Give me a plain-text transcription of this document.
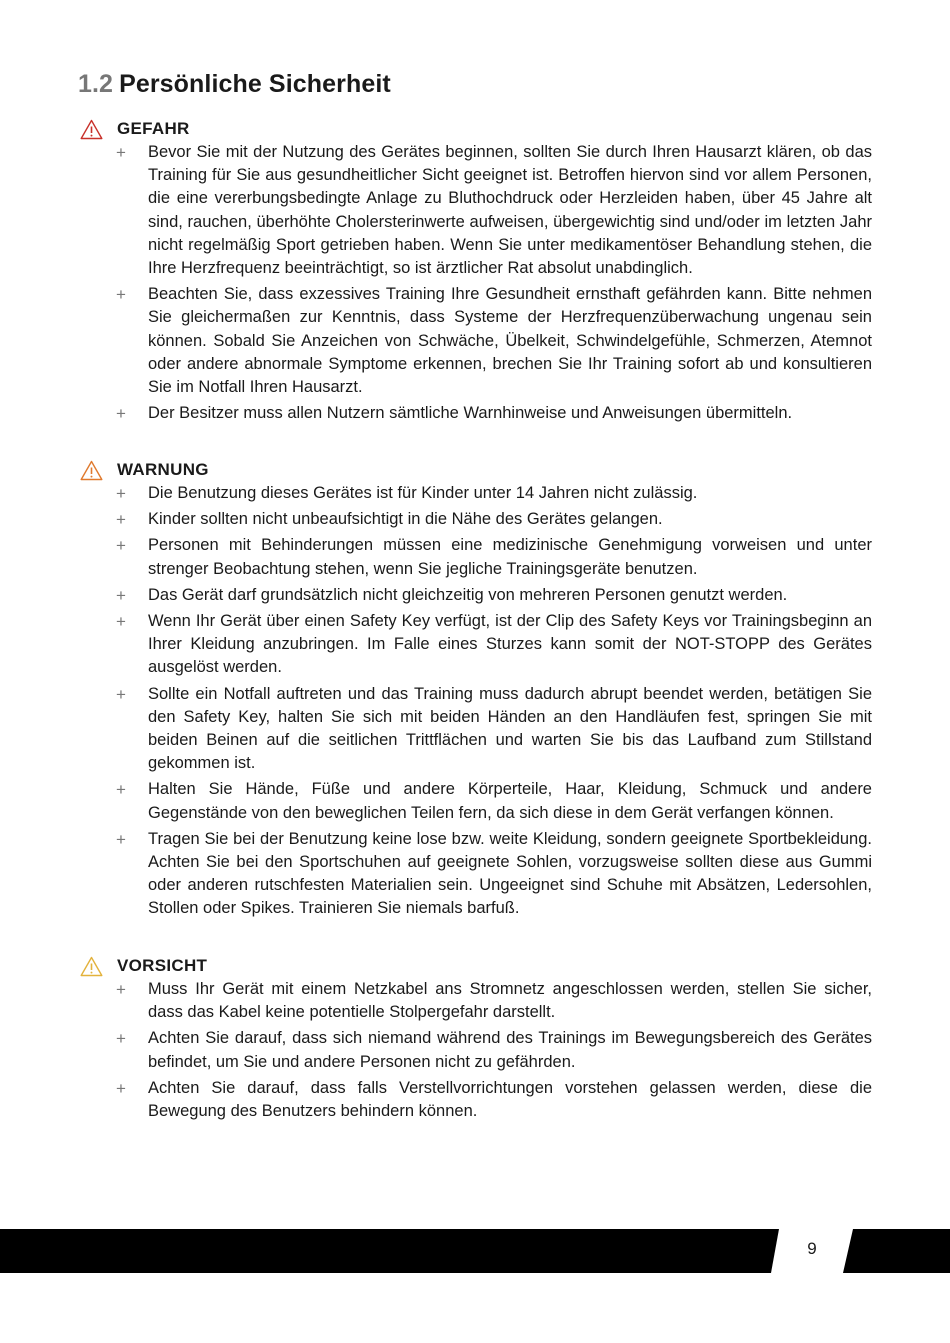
1.2 Persönliche Sicherheit
GEFAHR
+ Bevor Sie mit der Nutzung des Gerätes beginnen, sollten Sie durch Ihren Hausarzt klären, ob das Training für Sie aus gesundheitlicher Sicht geeignet ist. Betroffen hiervon sind vor allem Personen, die eine vererbungsbedingte Anlage zu Bluthochdruck oder Herzleiden haben, über 45 Jahre alt sind, rauchen, überhöhte Cholersterinwerte aufweisen, übergewichtig sind und/oder im letzten Jahr nicht regelmäßig Sport getrieben haben. Wenn Sie unter medikamentöser Behandlung stehen, die Ihre Herzfrequenz beeinträchtigt, so ist ärztlicher Rat absolut unabdinglich.
+ Beachten Sie, dass exzessives Training Ihre Gesundheit ernsthaft gefährden kann. Bitte nehmen Sie gleichermaßen zur Kenntnis, dass Systeme der Herzfrequenzüberwachung ungenau sein können. Sobald Sie Anzeichen von Schwäche, Übelkeit, Schwindelgefühle, Schmerzen, Atemnot oder andere abnormale Symptome erkennen, brechen Sie Ihr Training sofort ab und konsultieren Sie im Notfall Ihren Hausarzt.
+ Der Besitzer muss allen Nutzern sämtliche Warnhinweise und Anweisungen übermitteln.
WARNUNG
+ Die Benutzung dieses Gerätes ist für Kinder unter 14 Jahren nicht zulässig.
+ Kinder sollten nicht unbeaufsichtigt in die Nähe des Gerätes gelangen.
+ Personen mit Behinderungen müssen eine medizinische Genehmigung vorweisen und unter strenger Beobachtung stehen, wenn Sie jegliche Trainingsgeräte benutzen.
+ Das Gerät darf grundsätzlich nicht gleichzeitig von mehreren Personen genutzt werden.
+ Wenn Ihr Gerät über einen Safety Key verfügt, ist der Clip des Safety Keys vor Trainingsbeginn an Ihrer Kleidung anzubringen. Im Falle eines Sturzes kann somit der NOT-STOPP des Gerätes ausgelöst werden.
+ Sollte ein Notfall auftreten und das Training muss dadurch abrupt beendet werden, betätigen Sie den Safety Key, halten Sie sich mit beiden Händen an den Handläufen fest, springen Sie mit beiden Beinen auf die seitlichen Trittflächen und warten Sie bis das Laufband zum Stillstand gekommen ist.
+ Halten Sie Hände, Füße und andere Körperteile, Haar, Kleidung, Schmuck und andere Gegenstände von den beweglichen Teilen fern, da sich diese in dem Gerät verfangen können.
+ Tragen Sie bei der Benutzung keine lose bzw. weite Kleidung, sondern geeignete Sportbekleidung. Achten Sie bei den Sportschuhen auf geeignete Sohlen, vorzugsweise sollten diese aus Gummi oder anderen rutschfesten Materialien sein. Ungeeignet sind Schuhe mit Absätzen, Ledersohlen, Stollen oder Spikes. Trainieren Sie niemals barfuß.
VORSICHT
+ Muss Ihr Gerät mit einem Netzkabel ans Stromnetz angeschlossen werden, stellen Sie sicher, dass das Kabel keine potentielle Stolpergefahr darstellt.
+ Achten Sie darauf, dass sich niemand während des Trainings im Bewegungsbereich des Gerätes befindet, um Sie und andere Personen nicht zu gefährden.
+ Achten Sie darauf, dass falls Verstellvorrichtungen vorstehen gelassen werden, diese die Bewegung des Benutzers behindern können.
9
